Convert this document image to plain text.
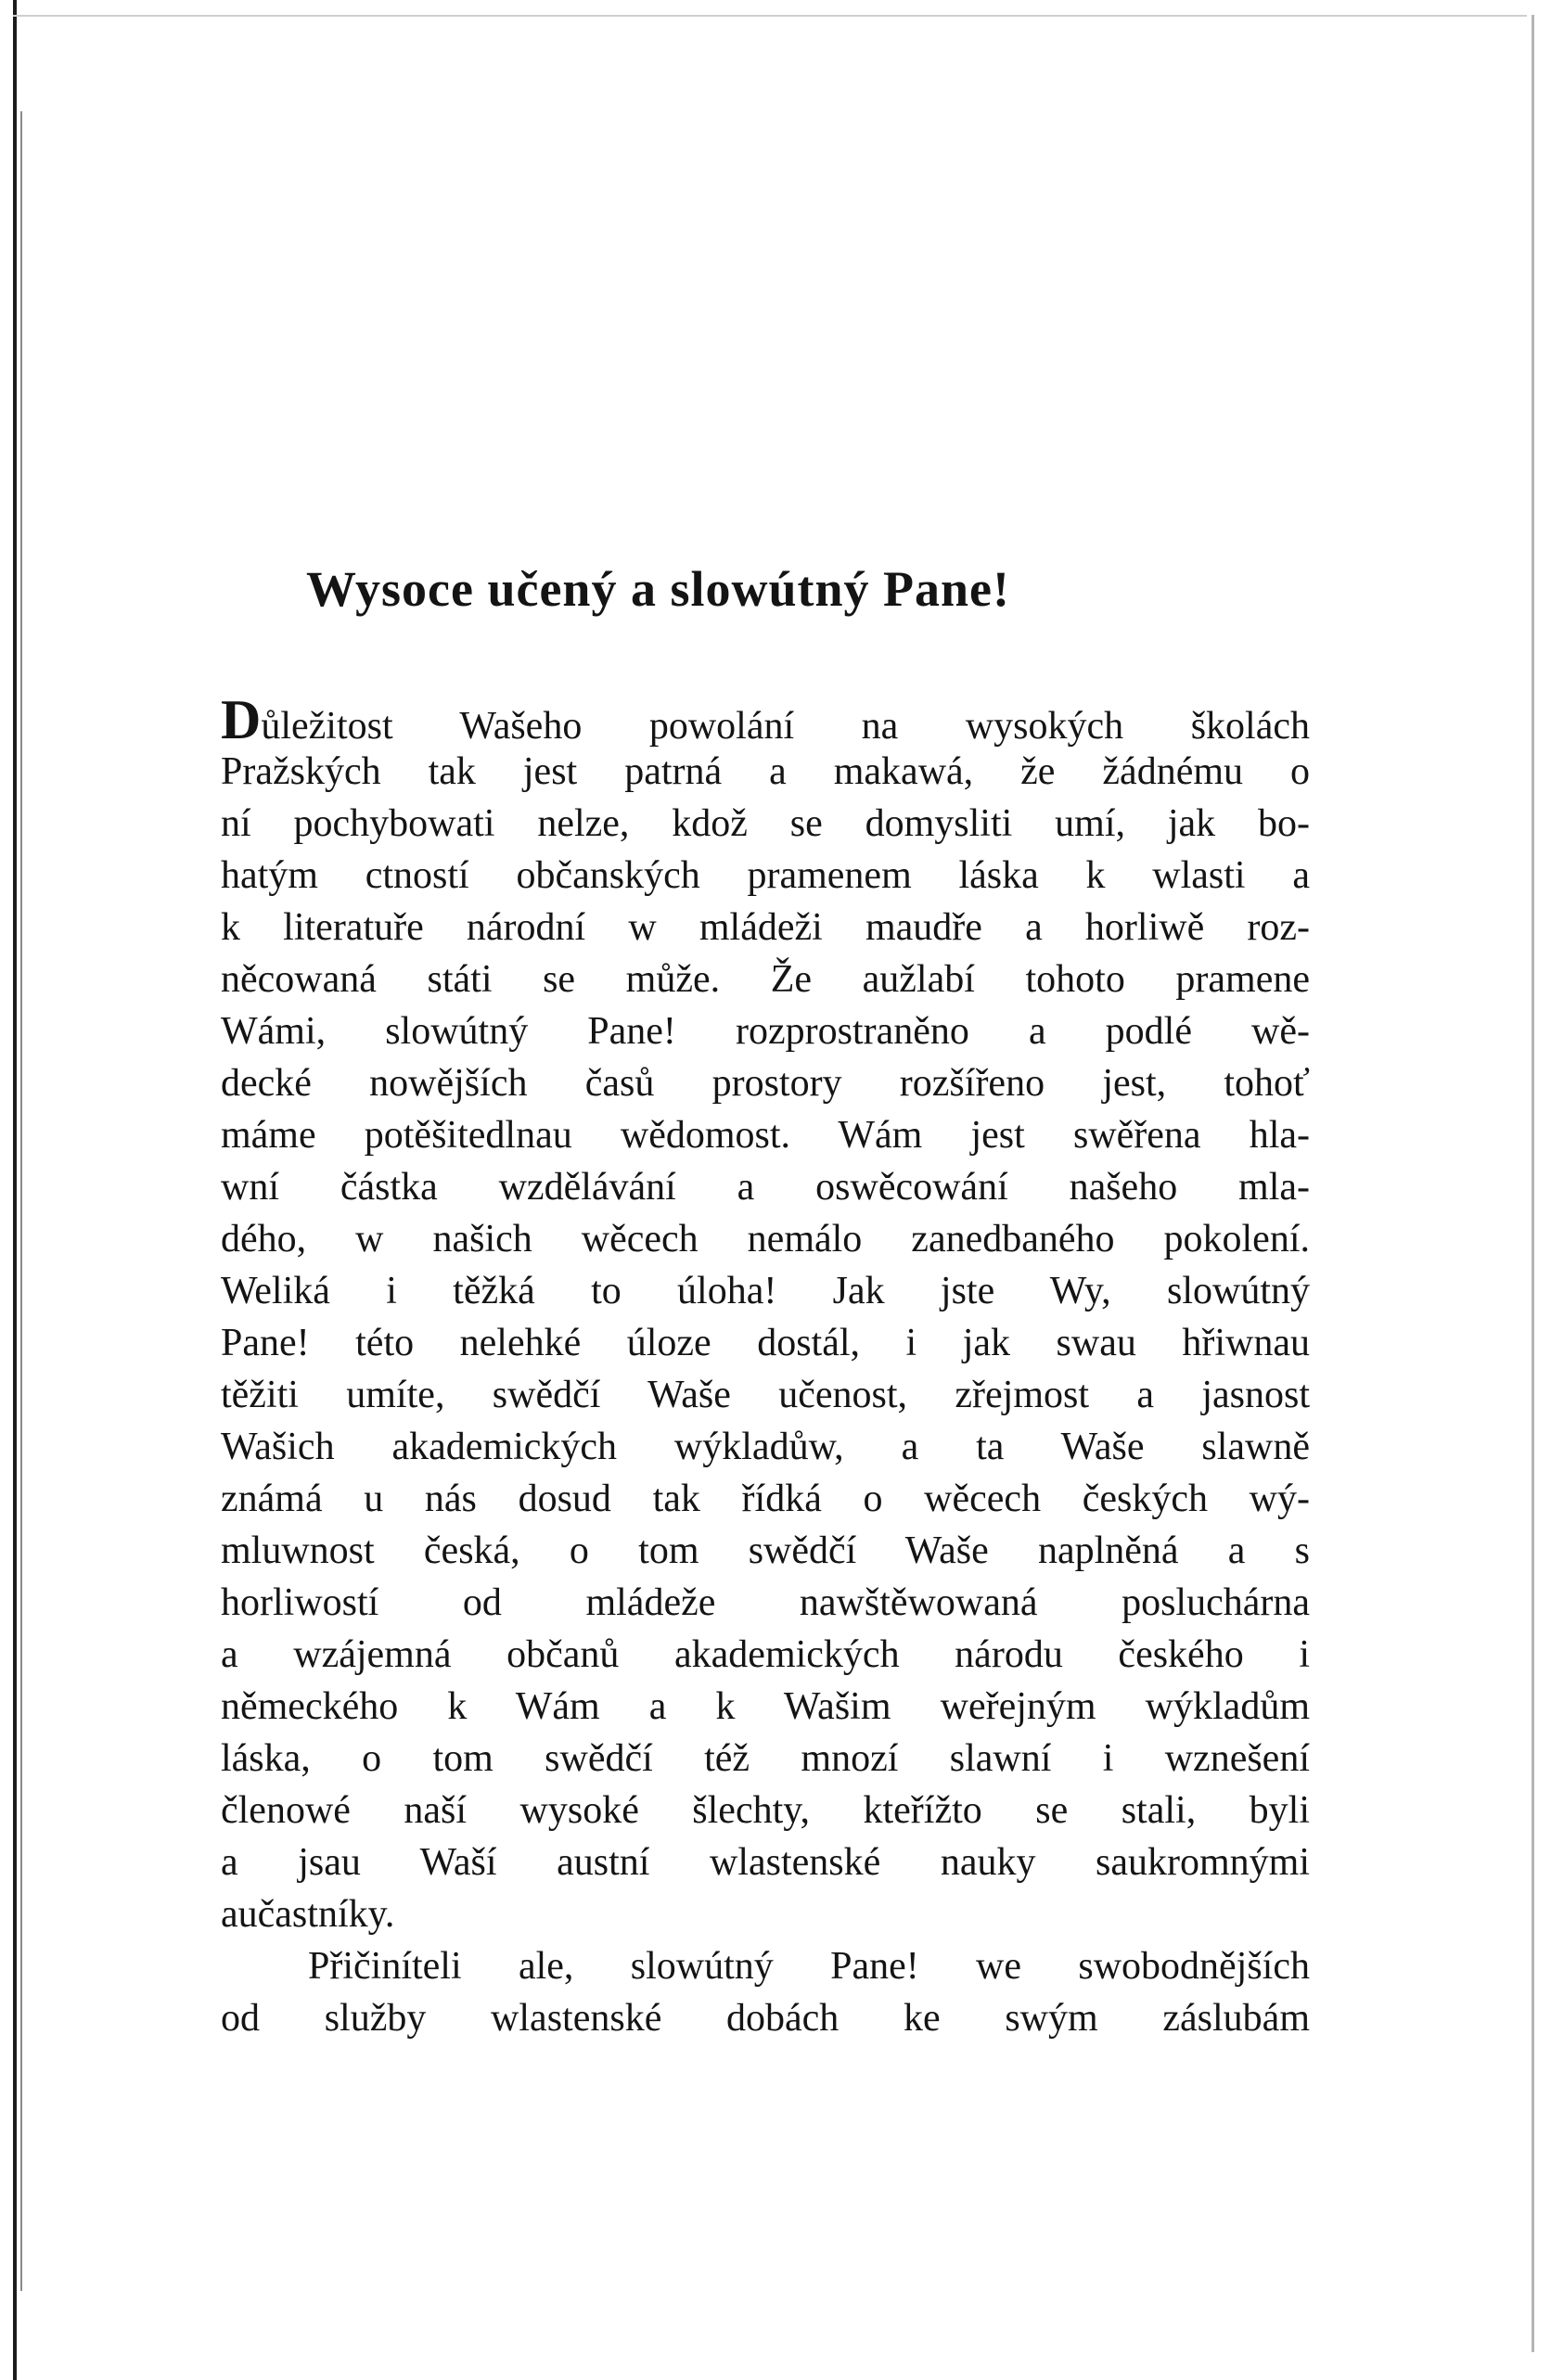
Wysoce učený a slowútný Pane!
Důležitost Wašeho powolání na wysokých školách
Pražských tak jest patrná a makawá, že žádnému o
ní pochybowati nelze, kdož se domysliti umí, jak bo-
hatým ctností občanských pramenem láska k wlasti a
k literatuře národní w mládeži maudře a horliwě roz-
něcowaná státi se může. Že aužlabí tohoto pramene
Wámi, slowútný Pane! rozprostraněno a podlé wě-
decké nowějších časů prostory rozšířeno jest, tohoť
máme potěšitedlnau wědomost. Wám jest swěřena hla-
wní částka wzdělávání a oswěcowání našeho mla-
dého, w našich wěcech nemálo zanedbaného pokolení.
Weliká i těžká to úloha! Jak jste Wy, slowútný
Pane! této nelehké úloze dostál, i jak swau hřiwnau
těžiti umíte, swědčí Waše učenost, zřejmost a jasnost
Wašich akademických wýkladůw, a ta Waše slawně
známá u nás dosud tak řídká o wěcech českých wý-
mluwnost česká, o tom swědčí Waše naplněná a s
horliwostí od mládeže nawštěwowaná posluchárna
a wzájemná občanů akademických národu českého i
německého k Wám a k Wašim weřejným wýkladům
láska, o tom swědčí též mnozí slawní i wznešení
členowé naší wysoké šlechty, kteřížto se stali, byli
a jsau Waší austní wlastenské nauky saukromnými
aučastníky.
Přičiníteli ale, slowútný Pane! we swobodnějších
od služby wlastenské dobách ke swým záslubám
